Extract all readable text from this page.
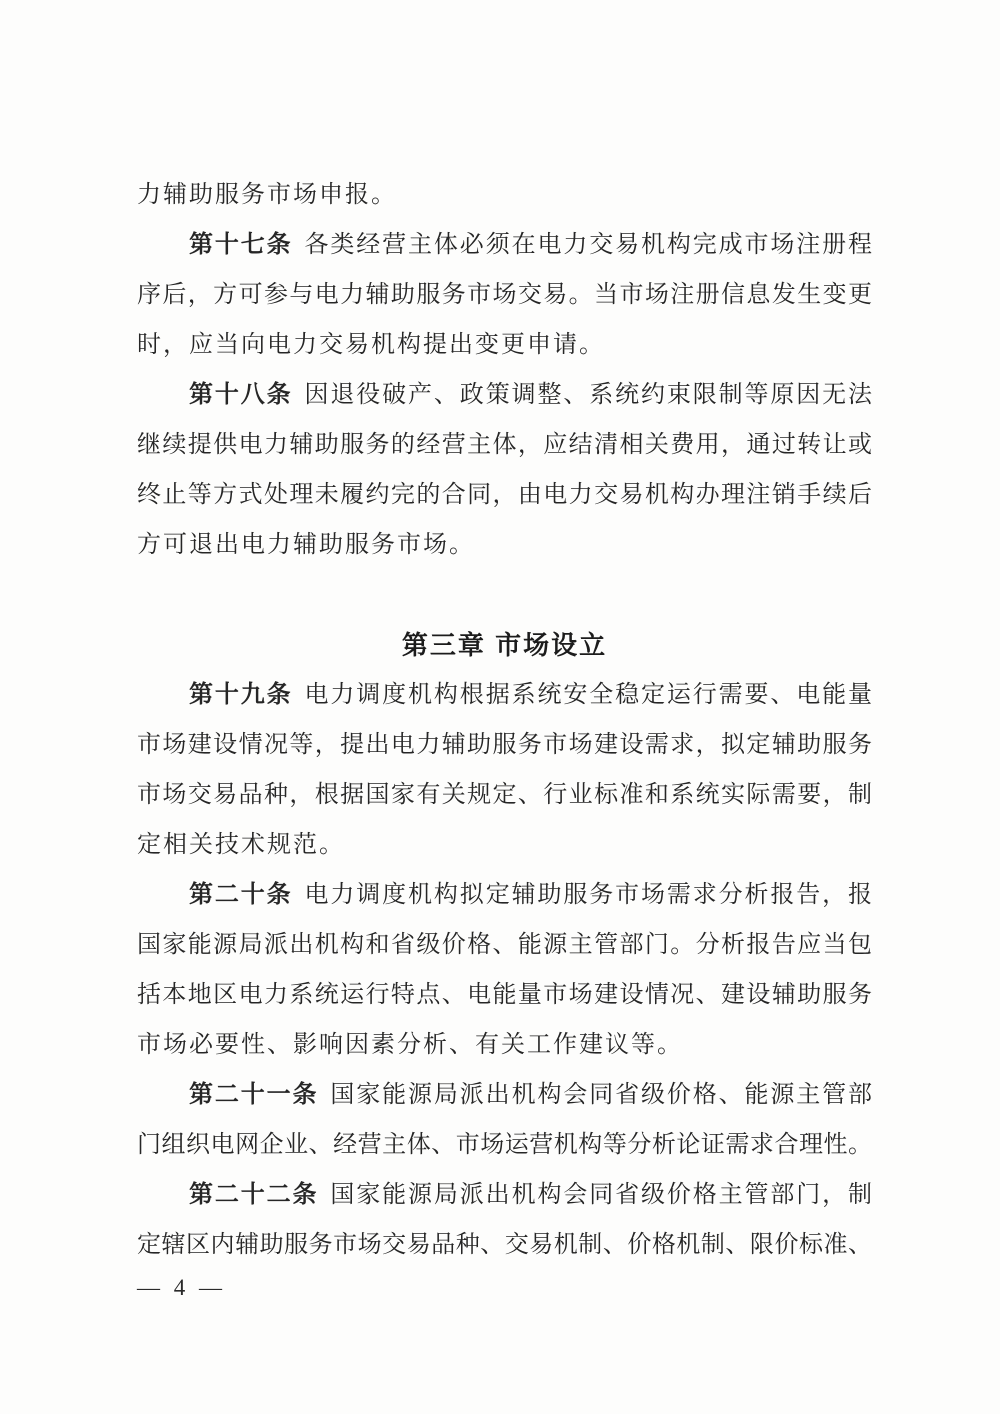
力辅助服务市场申报。
第十七条 各类经营主体必须在电力交易机构完成市场注册程
序后，方可参与电力辅助服务市场交易。当市场注册信息发生变更
时，应当向电力交易机构提出变更申请。
第十八条 因退役破产、政策调整、系统约束限制等原因无法
继续提供电力辅助服务的经营主体，应结清相关费用，通过转让或
终止等方式处理未履约完的合同，由电力交易机构办理注销手续后
方可退出电力辅助服务市场。
第三章 市场设立
第十九条 电力调度机构根据系统安全稳定运行需要、电能量
市场建设情况等，提出电力辅助服务市场建设需求，拟定辅助服务
市场交易品种，根据国家有关规定、行业标准和系统实际需要，制
定相关技术规范。
第二十条 电力调度机构拟定辅助服务市场需求分析报告，报
国家能源局派出机构和省级价格、能源主管部门。分析报告应当包
括本地区电力系统运行特点、电能量市场建设情况、建设辅助服务
市场必要性、影响因素分析、有关工作建议等。
第二十一条 国家能源局派出机构会同省级价格、能源主管部
门组织电网企业、经营主体、市场运营机构等分析论证需求合理性。
第二十二条 国家能源局派出机构会同省级价格主管部门，制
定辖区内辅助服务市场交易品种、交易机制、价格机制、限价标准、
— 4 —
